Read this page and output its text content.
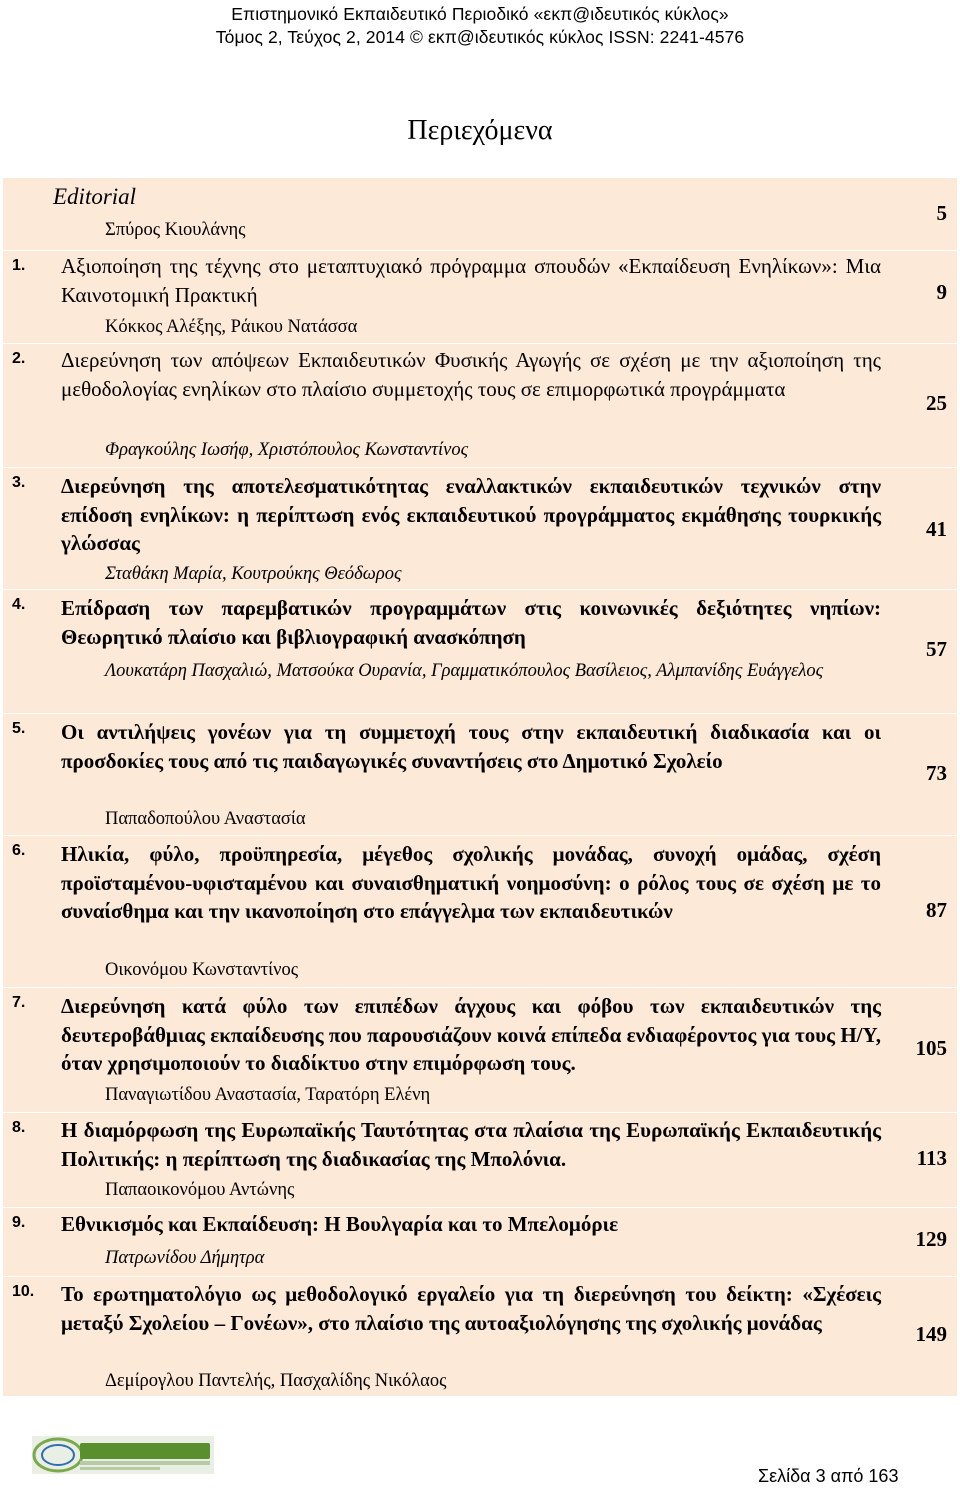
Επιστημονικό Εκπαιδευτικό Περιοδικό «εκπ@ιδευτικός κύκλος»
Τόμος 2, Τεύχος 2, 2014 © εκπ@ιδευτικός κύκλος ISSN: 2241-4576
Περιεχόμενα
Editorial
Σπύρος Κιουλάνης
5
1.	Αξιοποίηση της τέχνης στο μεταπτυχιακό πρόγραμμα σπουδών «Εκπαίδευση Ενηλίκων»: Μια Καινοτομική Πρακτική
Κόκκος Αλέξης, Ράικου Νατάσσα
9
2.	Διερεύνηση των απόψεων Εκπαιδευτικών Φυσικής Αγωγής σε σχέση με την αξιοποίηση της μεθοδολογίας ενηλίκων στο πλαίσιο συμμετοχής τους σε επιμορφωτικά προγράμματα
Φραγκούλης Ιωσήφ, Χριστόπουλος Κωνσταντίνος
25
3.	Διερεύνηση της αποτελεσματικότητας εναλλακτικών εκπαιδευτικών τεχνικών στην επίδοση ενηλίκων: η περίπτωση ενός εκπαιδευτικού προγράμματος εκμάθησης τουρκικής γλώσσας
Σταθάκη Μαρία, Κουτρούκης Θεόδωρος
41
4.	Επίδραση των παρεμβατικών προγραμμάτων στις κοινωνικές δεξιότητες νηπίων: Θεωρητικό πλαίσιο και βιβλιογραφική ανασκόπηση
Λουκατάρη Πασχαλιώ, Ματσούκα Ουρανία, Γραμματικόπουλος Βασίλειος, Αλμπανίδης Ευάγγελος
57
5.	Οι αντιλήψεις γονέων για τη συμμετοχή τους στην εκπαιδευτική διαδικασία και οι προσδοκίες τους από τις παιδαγωγικές συναντήσεις στο Δημοτικό Σχολείο
Παπαδοπούλου Αναστασία
73
6.	Ηλικία, φύλο, προϋπηρεσία, μέγεθος σχολικής μονάδας, συνοχή ομάδας, σχέση προϊσταμένου-υφισταμένου και συναισθηματική νοημοσύνη: ο ρόλος τους σε σχέση με το συναίσθημα και την ικανοποίηση στο επάγγελμα των εκπαιδευτικών
Οικονόμου Κωνσταντίνος
87
7.	Διερεύνηση κατά φύλο των επιπέδων άγχους και φόβου των εκπαιδευτικών της δευτεροβάθμιας εκπαίδευσης που παρουσιάζουν κοινά επίπεδα ενδιαφέροντος για τους Η/Υ, όταν χρησιμοποιούν το διαδίκτυο στην επιμόρφωση τους.
Παναγιωτίδου Αναστασία, Ταρατόρη Ελένη
105
8.	Η διαμόρφωση της Ευρωπαϊκής Ταυτότητας στα πλαίσια της Ευρωπαϊκής Εκπαιδευτικής Πολιτικής: η περίπτωση της διαδικασίας της Μπολόνια.
Παπαοικονόμου Αντώνης
113
9.	Εθνικισμός και Εκπαίδευση: Η Βουλγαρία και το Μπελομόριε
Πατρωνίδου Δήμητρα
129
10.	Το ερωτηματολόγιο ως μεθοδολογικό εργαλείο για τη διερεύνηση του δείκτη: «Σχέσεις μεταξύ Σχολείου – Γονέων», στο πλαίσιο της αυτοαξιολόγησης της σχολικής μονάδας
Δεμίρογλου Παντελής, Πασχαλίδης Νικόλαος
149
Σελίδα 3 από 163
